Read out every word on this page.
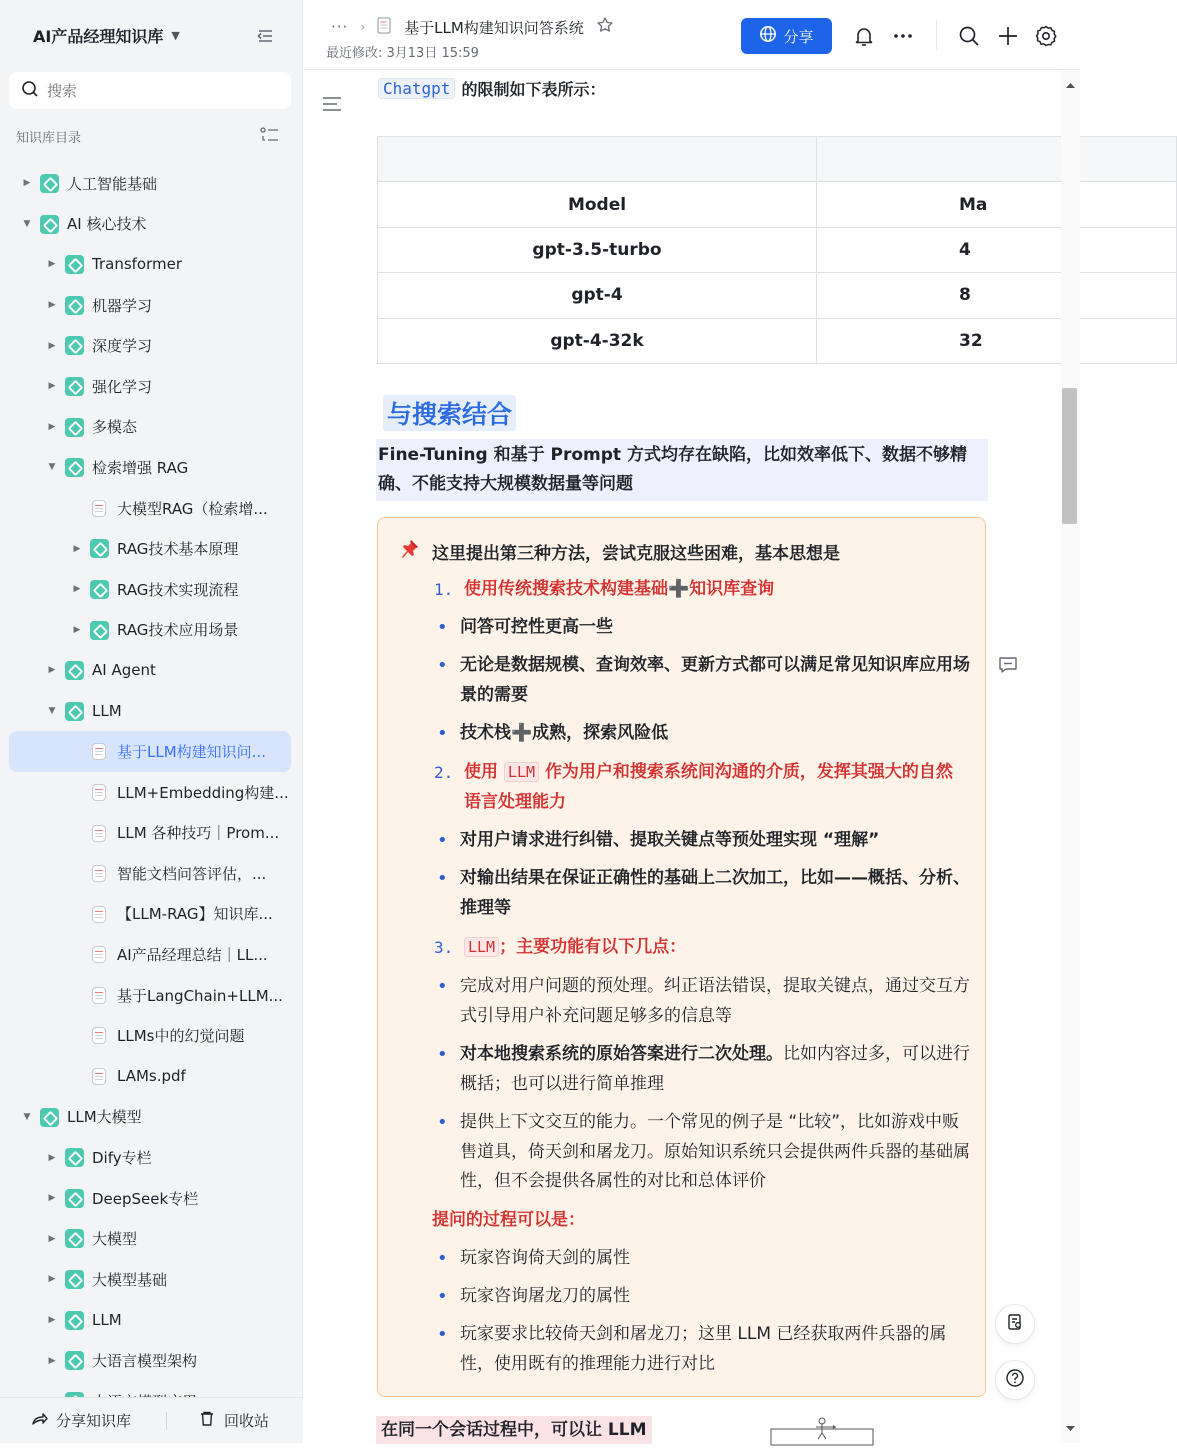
AI产品经理知识库 ▼
搜索
知识库目录
▶ 人工智能基础
▼ AI 核心技术
▶ Transformer
▶ 机器学习
▶ 深度学习
▶ 强化学习
▶ 多模态
▼ 检索增强 RAG
大模型RAG（检索增...
▶ RAG技术基本原理
▶ RAG技术实现流程
▶ RAG技术应用场景
▶ AI Agent
▼ LLM
基于LLM构建知识问...
LLM+Embedding构建...
LLM 各种技巧｜Prom...
智能文档问答评估，...
【LLM-RAG】知识库...
AI产品经理总结｜LL...
基于LangChain+LLM...
LLMs中的幻觉问题
LAMs.pdf
▼ LLM大模型
▶ Dify专栏
▶ DeepSeek专栏
▶ 大模型
▶ 大模型基础
▶ LLM
▶ 大语言模型架构
分享知识库	回收站
··· ›	基于LLM构建知识问答系统
最近修改: 3月13日 15:59
分享
Chatgpt 的限制如下表所示：

Model	Ma
gpt-3.5-turbo	4
gpt-4	8
gpt-4-32k	32
与搜索结合
Fine-Tuning 和基于 Prompt 方式均存在缺陷，比如效率低下、数据不够精确、不能支持大规模数据量等问题
这里提出第三种方法，尝试克服这些困难，基本思想是
1. 使用传统搜索技术构建基础➕知识库查询
• 问答可控性更高一些
• 无论是数据规模、查询效率、更新方式都可以满足常见知识库应用场景的需要
• 技术栈➕成熟，探索风险低
2. 使用 LLM 作为用户和搜索系统间沟通的介质，发挥其强大的自然语言处理能力
• 对用户请求进行纠错、提取关键点等预处理实现 “理解”
• 对输出结果在保证正确性的基础上二次加工，比如——概括、分析、推理等
3. LLM ；主要功能有以下几点：
• 完成对用户问题的预处理。纠正语法错误，提取关键点，通过交互方式引导用户补充问题足够多的信息等
• 对本地搜索系统的原始答案进行二次处理。比如内容过多，可以进行概括；也可以进行简单推理
• 提供上下文交互的能力。一个常见的例子是 “比较”，比如游戏中贩售道具，倚天剑和屠龙刀。原始知识系统只会提供两件兵器的基础属性，但不会提供各属性的对比和总体评价
提问的过程可以是：
• 玩家咨询倚天剑的属性
• 玩家咨询屠龙刀的属性
• 玩家要求比较倚天剑和屠龙刀；这里 LLM 已经获取两件兵器的属性，使用既有的推理能力进行对比
在同一个会话过程中，可以让 LLM
